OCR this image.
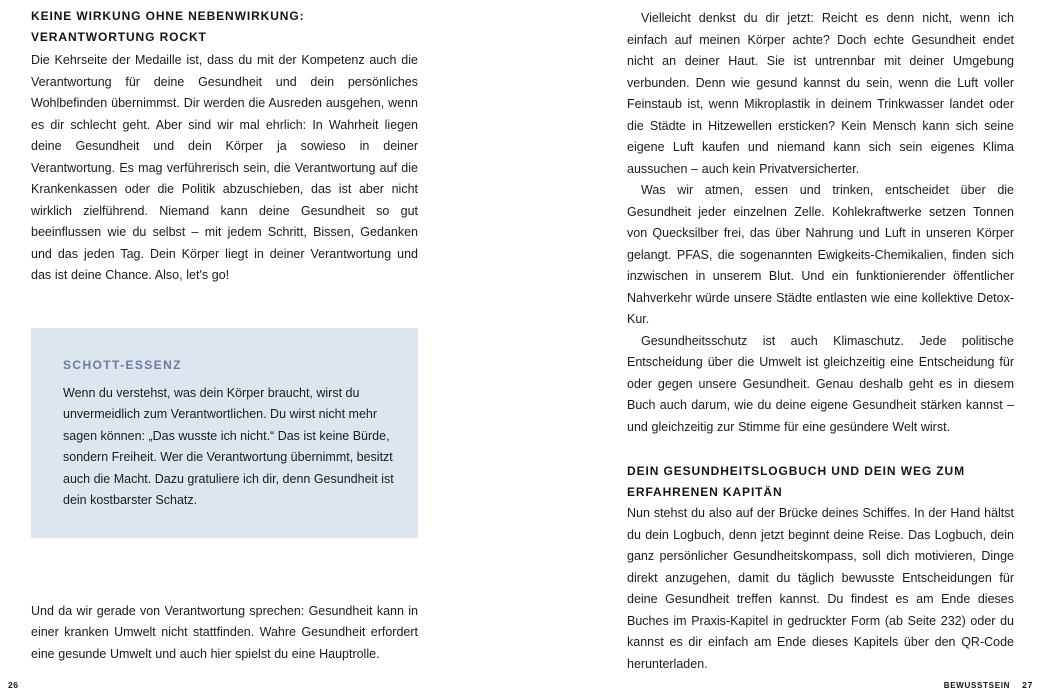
KEINE WIRKUNG OHNE NEBENWIRKUNG:
VERANTWORTUNG ROCKT

Die Kehrseite der Medaille ist, dass du mit der Kompetenz auch die Verantwortung für deine Gesundheit und dein persönliches Wohlbefinden übernimmst. Dir werden die Ausreden ausgehen, wenn es dir schlecht geht. Aber sind wir mal ehrlich: In Wahrheit liegen deine Gesundheit und dein Körper ja sowieso in deiner Verantwortung. Es mag verführerisch sein, die Verantwortung auf die Krankenkassen oder die Politik abzuschieben, das ist aber nicht wirklich zielführend. Niemand kann deine Gesundheit so gut beeinflussen wie du selbst – mit jedem Schritt, Bissen, Gedanken und das jeden Tag. Dein Körper liegt in deiner Verantwortung und das ist deine Chance. Also, let's go!

SCHOTT-ESSENZ

Wenn du verstehst, was dein Körper braucht, wirst du unvermeidlich zum Verantwortlichen. Du wirst nicht mehr sagen können: „Das wusste ich nicht.“ Das ist keine Bürde, sondern Freiheit. Wer die Verantwortung übernimmt, besitzt auch die Macht. Dazu gratuliere ich dir, denn Gesundheit ist dein kostbarster Schatz.

Und da wir gerade von Verantwortung sprechen: Gesundheit kann in einer kranken Umwelt nicht stattfinden. Wahre Gesundheit erfordert eine gesunde Umwelt und auch hier spielst du eine Hauptrolle.

Vielleicht denkst du dir jetzt: Reicht es denn nicht, wenn ich einfach auf meinen Körper achte? Doch echte Gesundheit endet nicht an deiner Haut. Sie ist untrennbar mit deiner Umgebung verbunden. Denn wie gesund kannst du sein, wenn die Luft voller Feinstaub ist, wenn Mikroplastik in deinem Trinkwasser landet oder die Städte in Hitzewellen ersticken? Kein Mensch kann sich seine eigene Luft kaufen und niemand kann sich sein eigenes Klima aussuchen – auch kein Privatversicherter.

Was wir atmen, essen und trinken, entscheidet über die Gesundheit jeder einzelnen Zelle. Kohlekraftwerke setzen Tonnen von Quecksilber frei, das über Nahrung und Luft in unseren Körper gelangt. PFAS, die sogenannten Ewigkeits-Chemikalien, finden sich inzwischen in unserem Blut. Und ein funktionierender öffentlicher Nahverkehr würde unsere Städte entlasten wie eine kollektive Detox-Kur.

Gesundheitsschutz ist auch Klimaschutz. Jede politische Entscheidung über die Umwelt ist gleichzeitig eine Entscheidung für oder gegen unsere Gesundheit. Genau deshalb geht es in diesem Buch auch darum, wie du deine eigene Gesundheit stärken kannst – und gleichzeitig zur Stimme für eine gesündere Welt wirst.

DEIN GESUNDHEITSLOGBUCH UND DEIN WEG ZUM
ERFAHRENEN KAPITÄN

Nun stehst du also auf der Brücke deines Schiffes. In der Hand hältst du dein Logbuch, denn jetzt beginnt deine Reise. Das Logbuch, dein ganz persönlicher Gesundheitskompass, soll dich motivieren, Dinge direkt anzugehen, damit du täglich bewusste Entscheidungen für deine Gesundheit treffen kannst. Du findest es am Ende dieses Buches im Praxis-Kapitel in gedruckter Form (ab Seite 232) oder du kannst es dir einfach am Ende dieses Kapitels über den QR-Code herunterladen.

26	BEWUSSTSEIN 27
